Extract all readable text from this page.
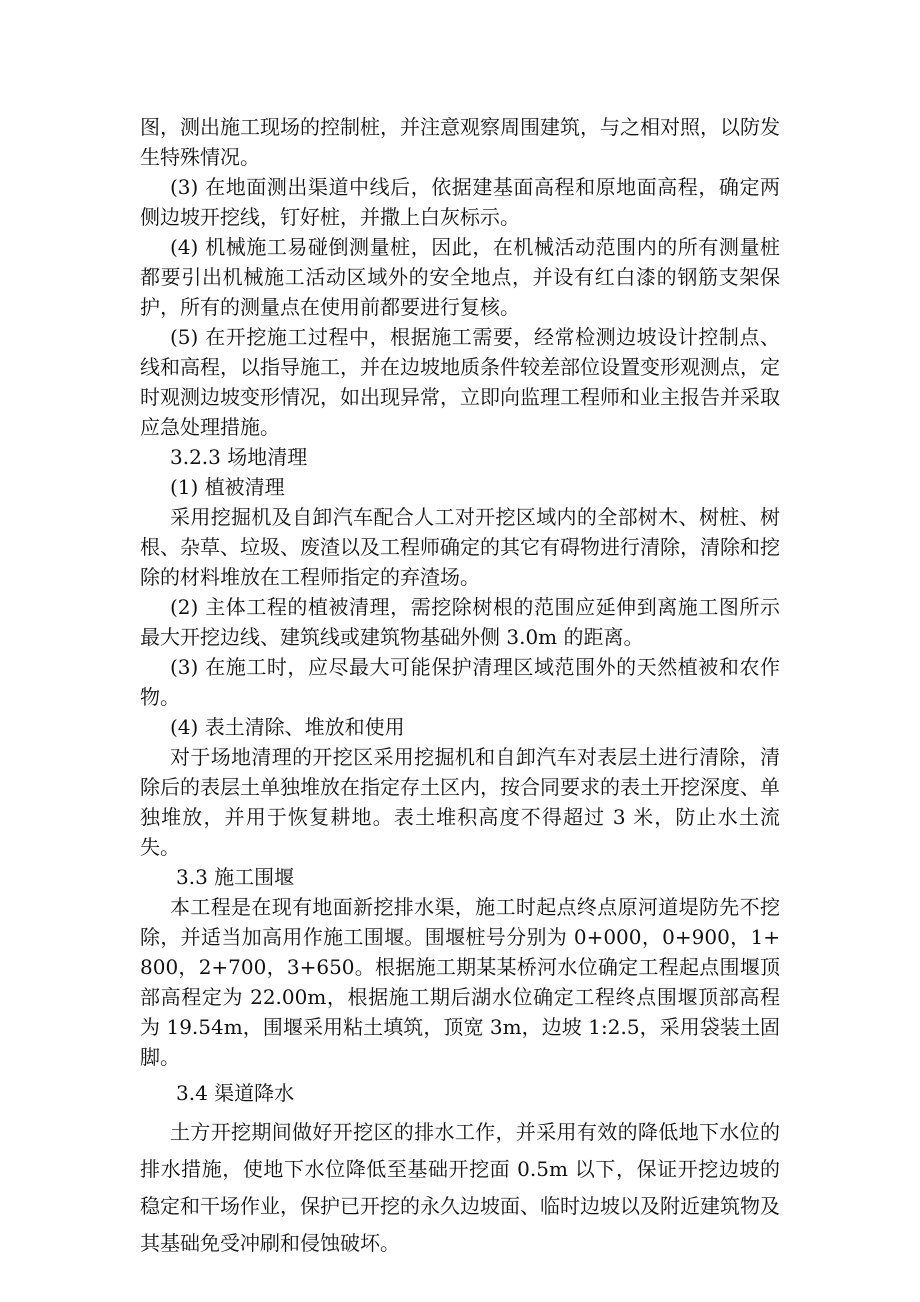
图，测出施工现场的控制桩，并注意观察周围建筑，与之相对照，以防发生特殊情况。

(3) 在地面测出渠道中线后，依据建基面高程和原地面高程，确定两侧边坡开挖线，钉好桩，并撒上白灰标示。

(4) 机械施工易碰倒测量桩，因此，在机械活动范围内的所有测量桩都要引出机械施工活动区域外的安全地点，并设有红白漆的钢筋支架保护，所有的测量点在使用前都要进行复核。

(5) 在开挖施工过程中，根据施工需要，经常检测边坡设计控制点、线和高程，以指导施工，并在边坡地质条件较差部位设置变形观测点，定时观测边坡变形情况，如出现异常，立即向监理工程师和业主报告并采取应急处理措施。

3.2.3 场地清理

(1) 植被清理

采用挖掘机及自卸汽车配合人工对开挖区域内的全部树木、树桩、树根、杂草、垃圾、废渣以及工程师确定的其它有碍物进行清除，清除和挖除的材料堆放在工程师指定的弃渣场。

(2) 主体工程的植被清理，需挖除树根的范围应延伸到离施工图所示最大开挖边线、建筑线或建筑物基础外侧 3.0m 的距离。

(3) 在施工时，应尽最大可能保护清理区域范围外的天然植被和农作物。

(4) 表土清除、堆放和使用

对于场地清理的开挖区采用挖掘机和自卸汽车对表层土进行清除，清除后的表层土单独堆放在指定存土区内，按合同要求的表土开挖深度、单独堆放，并用于恢复耕地。表土堆积高度不得超过 3 米，防止水土流失。

3.3 施工围堰

本工程是在现有地面新挖排水渠，施工时起点终点原河道堤防先不挖除，并适当加高用作施工围堰。围堰桩号分别为 0+000，0+900，1+800，2+700，3+650。根据施工期某某桥河水位确定工程起点围堰顶部高程定为 22.00m，根据施工期后湖水位确定工程终点围堰顶部高程为 19.54m，围堰采用粘土填筑，顶宽 3m，边坡 1:2.5，采用袋装土固脚。

3.4 渠道降水

土方开挖期间做好开挖区的排水工作，并采用有效的降低地下水位的排水措施，使地下水位降低至基础开挖面 0.5m 以下，保证开挖边坡的稳定和干场作业，保护已开挖的永久边坡面、临时边坡以及附近建筑物及其基础免受冲刷和侵蚀破坏。
